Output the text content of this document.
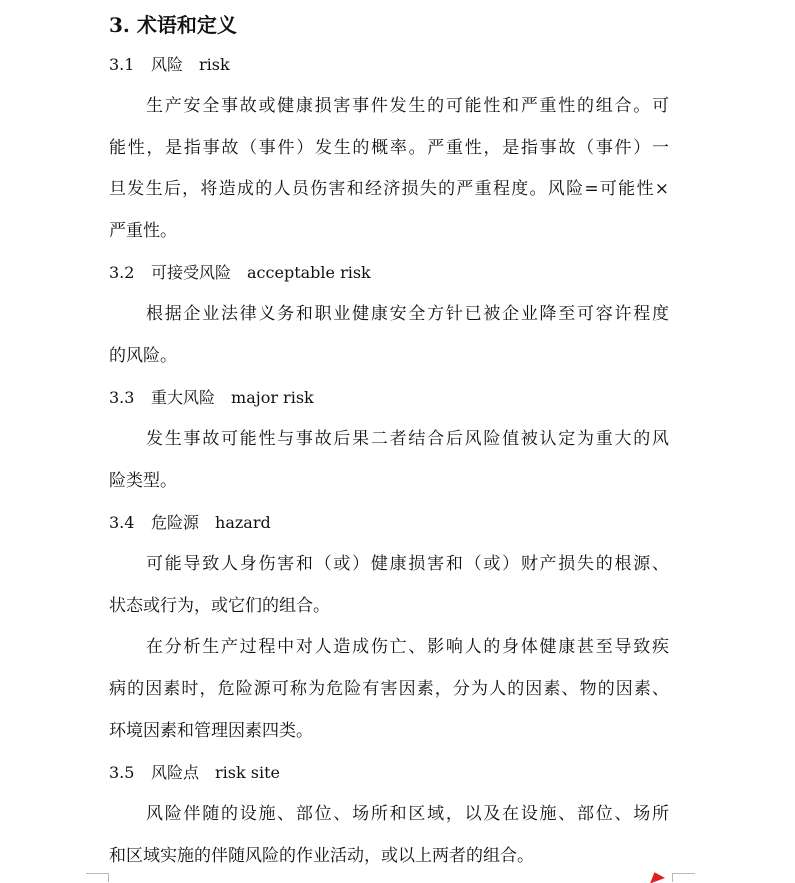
3. 术语和定义
3.1 风险 risk
生产安全事故或健康损害事件发生的可能性和严重性的组合。可
能性，是指事故（事件）发生的概率。严重性，是指事故（事件）一
旦发生后，将造成的人员伤害和经济损失的严重程度。风险=可能性×
严重性。
3.2 可接受风险 acceptable risk
根据企业法律义务和职业健康安全方针已被企业降至可容许程度
的风险。
3.3 重大风险 major risk
发生事故可能性与事故后果二者结合后风险值被认定为重大的风
险类型。
3.4 危险源 hazard
可能导致人身伤害和（或）健康损害和（或）财产损失的根源、
状态或行为，或它们的组合。
在分析生产过程中对人造成伤亡、影响人的身体健康甚至导致疾
病的因素时，危险源可称为危险有害因素，分为人的因素、物的因素、
环境因素和管理因素四类。
3.5 风险点 risk site
风险伴随的设施、部位、场所和区域，以及在设施、部位、场所
和区域实施的伴随风险的作业活动，或以上两者的组合。
